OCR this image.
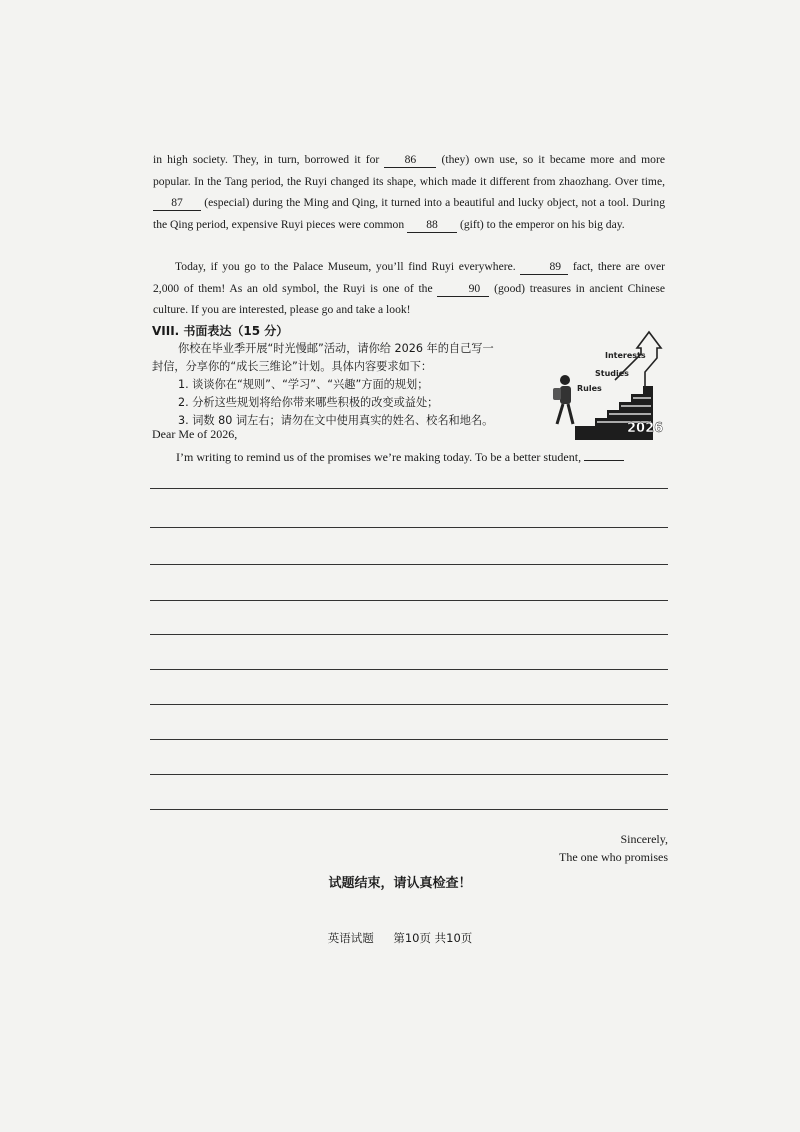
in high society. They, in turn, borrowed it for 86 (they) own use, so it became more and more popular. In the Tang period, the Ruyi changed its shape, which made it different from zhaozhang. Over time, 87 (especial) during the Ming and Qing, it turned into a beautiful and lucky object, not a tool. During the Qing period, expensive Ruyi pieces were common 88 (gift) to the emperor on his big day.
Today, if you go to the Palace Museum, you’ll find Ruyi everywhere.	89 fact, there are over 2,000 of them! As an old symbol, the Ruyi is one of the	90 (good) treasures in ancient Chinese culture. If you are interested, please go and take a look!
VIII. 书面表达（15 分）
你校在毕业季开展“时光慢邮”活动，请你给 2026 年的自己写一
封信，分享你的“成长三维论”计划。具体内容要求如下：
1. 谈谈你在“规则”、“学习”、“兴趣”方面的规划；
2. 分析这些规划将给你带来哪些积极的改变或益处；
3. 词数 80 词左右；请勿在文中使用真实的姓名、校名和地名。
Interests
Studies
Rules
2026
Dear Me of 2026,
I’m writing to remind us of the promises we’re making today. To be a better student,
Sincerely,
The one who promises
试题结束，请认真检查！
英语试题 第10页 共10页
